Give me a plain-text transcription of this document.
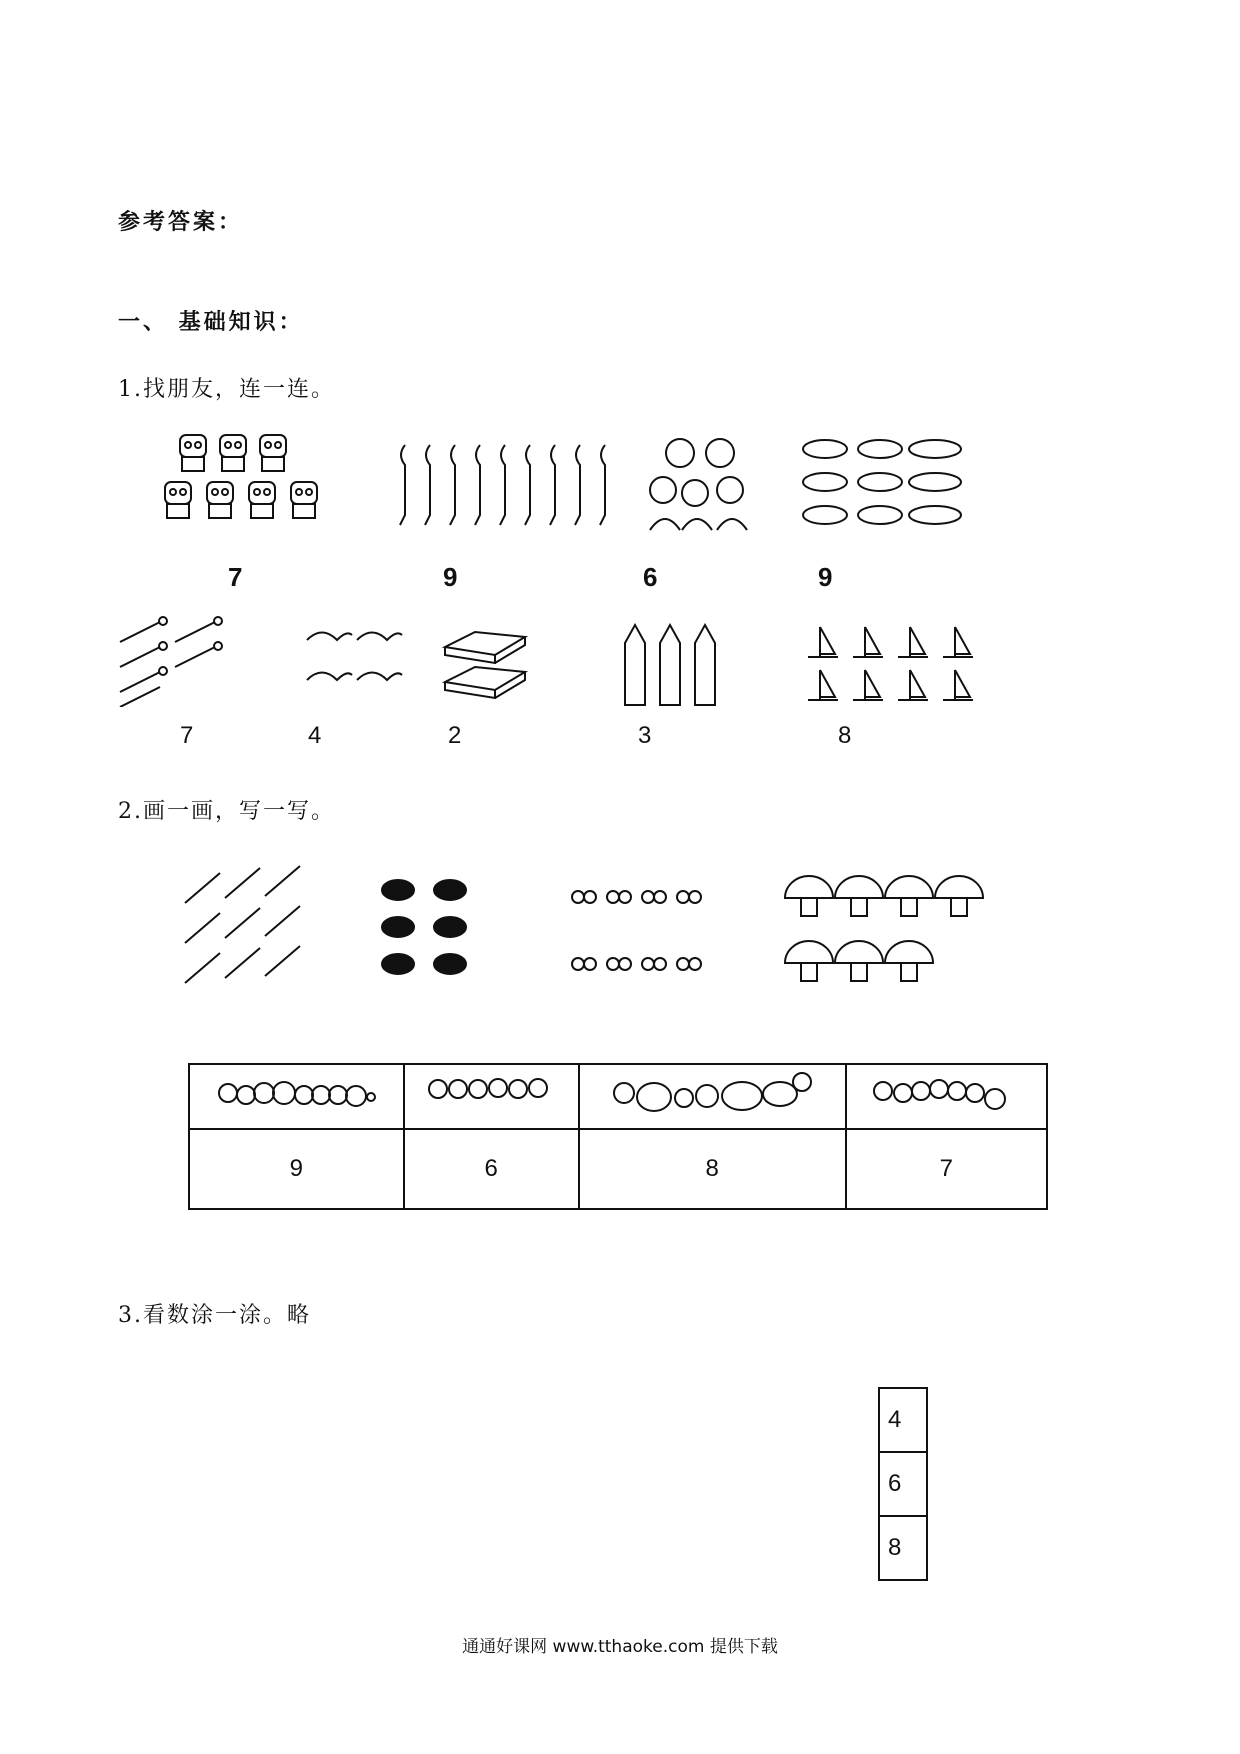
参考答案：
一、 基础知识：
1.找朋友，连一连。
7	9	6	9
7	4	2	3	8
2.画一画，写一写。

9	6	8	7
3.看数涂一涂。略
4
6
8
通通好课网 www.tthaoke.com 提供下载
